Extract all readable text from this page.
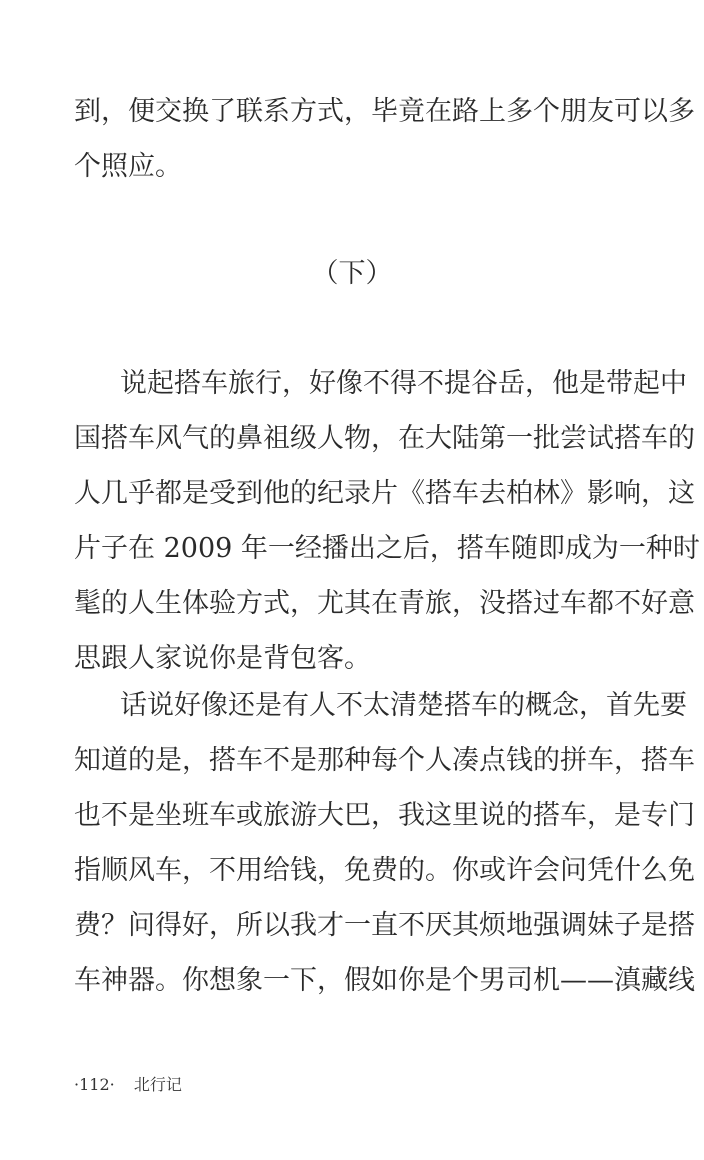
到，便交换了联系方式，毕竟在路上多个朋友可以多
个照应。
（下）
说起搭车旅行，好像不得不提谷岳，他是带起中
国搭车风气的鼻祖级人物，在大陆第一批尝试搭车的
人几乎都是受到他的纪录片《搭车去柏林》影响，这
片子在 2009 年一经播出之后，搭车随即成为一种时
髦的人生体验方式，尤其在青旅，没搭过车都不好意
思跟人家说你是背包客。
话说好像还是有人不太清楚搭车的概念，首先要
知道的是，搭车不是那种每个人凑点钱的拼车，搭车
也不是坐班车或旅游大巴，我这里说的搭车，是专门
指顺风车，不用给钱，免费的。你或许会问凭什么免
费？问得好，所以我才一直不厌其烦地强调妹子是搭
车神器。你想象一下，假如你是个男司机——滇藏线
·112· 北行记
